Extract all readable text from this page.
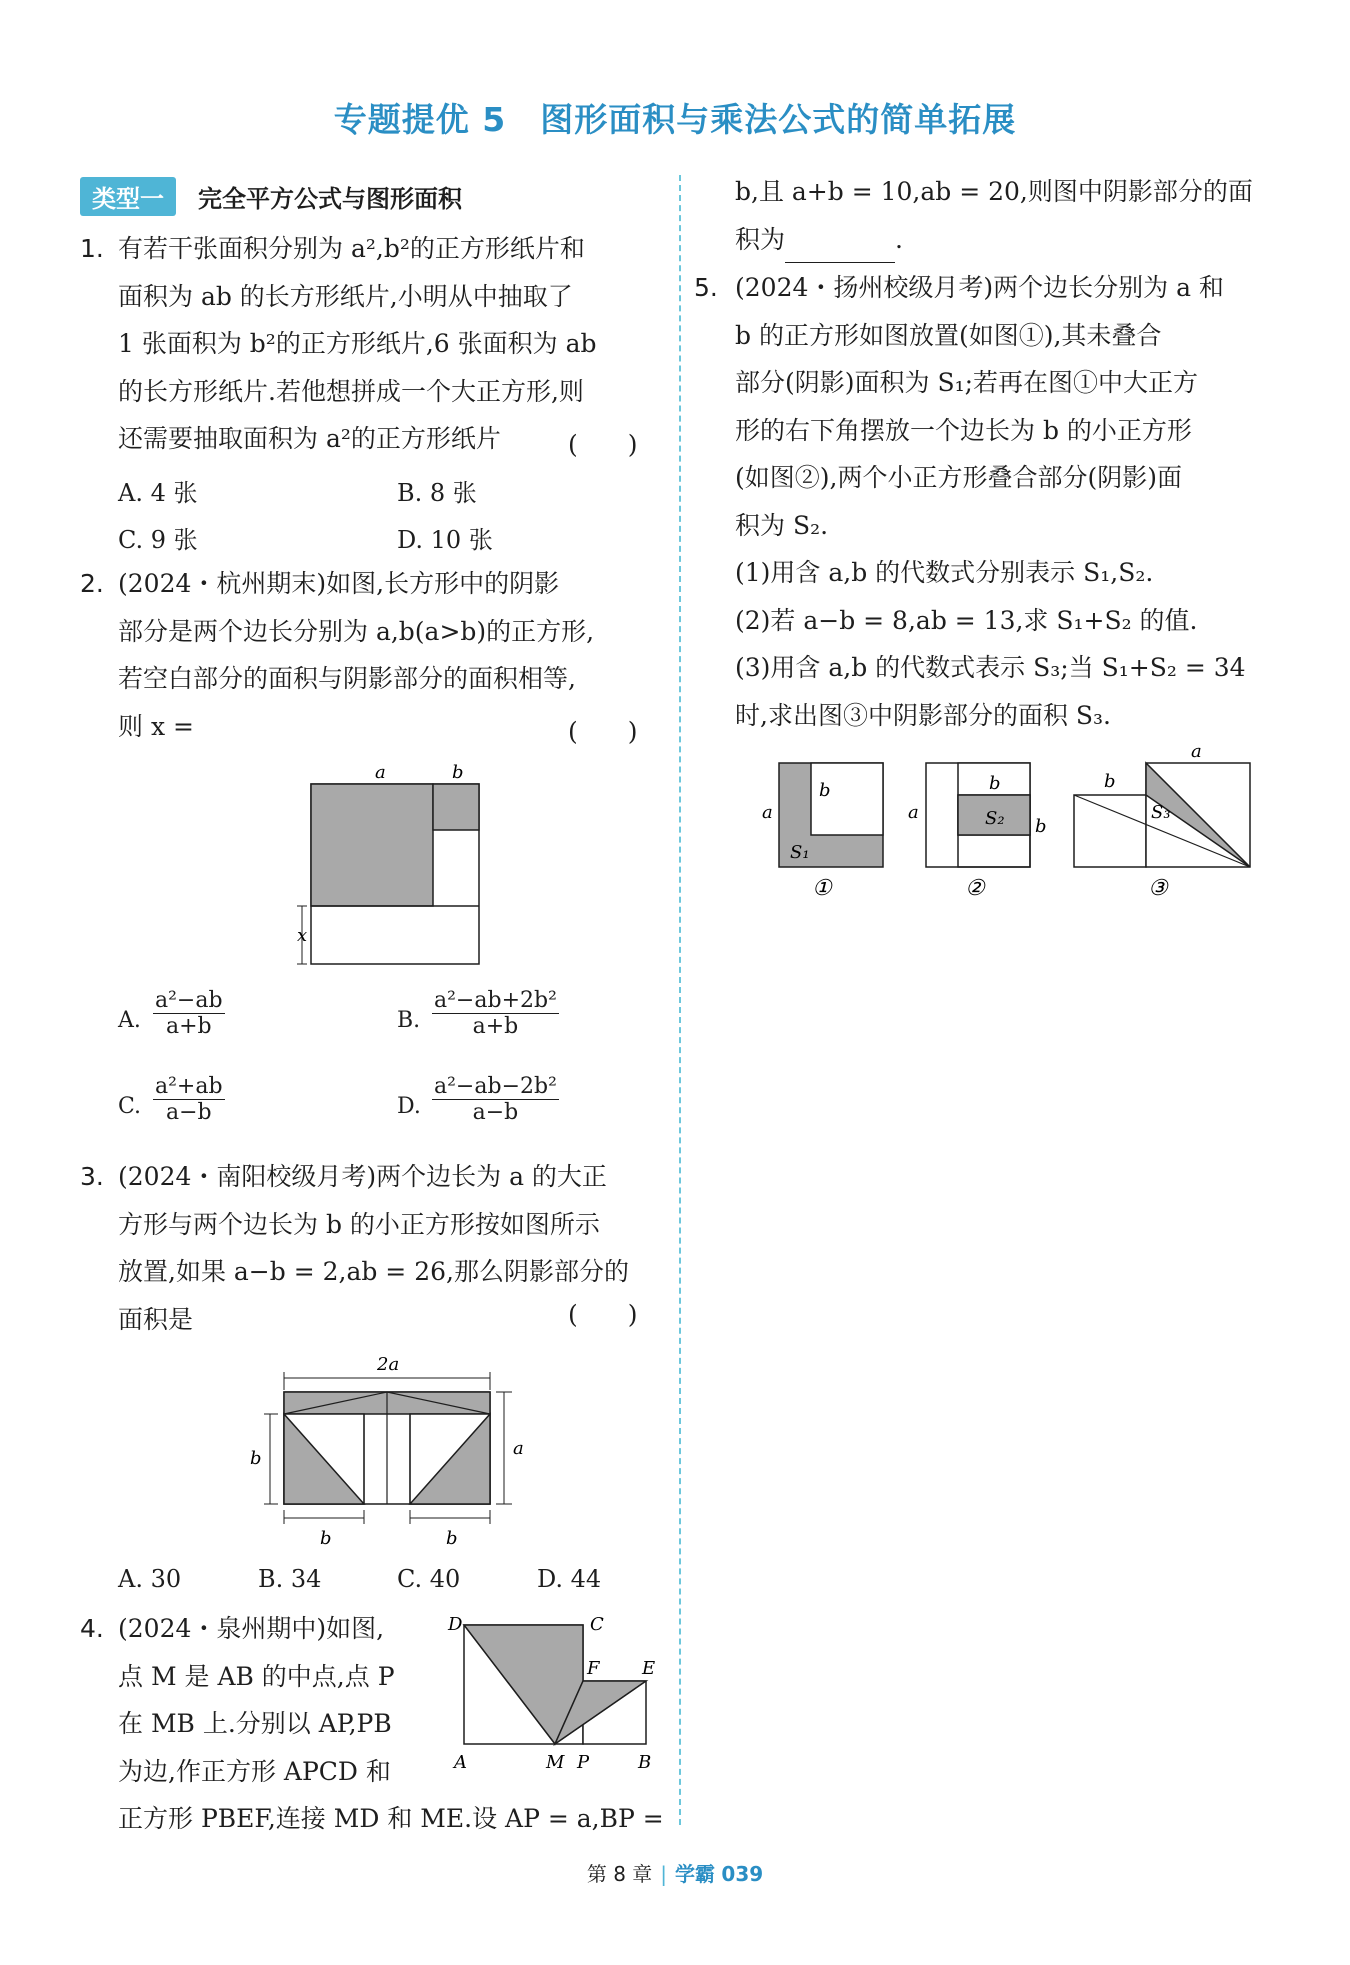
专题提优 5　图形面积与乘法公式的简单拓展
类型一	完全平方公式与图形面积
1. 有若干张面积分别为 a²,b²的正方形纸片和
面积为 ab 的长方形纸片,小明从中抽取了
1 张面积为 b²的正方形纸片,6 张面积为 ab
的长方形纸片.若他想拼成一个大正方形,则
还需要抽取面积为 a²的正方形纸片	(　　)
A. 4 张	B. 8 张
C. 9 张	D. 10 张
2. (2024・杭州期末)如图,长方形中的阴影
部分是两个边长分别为 a,b(a>b)的正方形,
若空白部分的面积与阴影部分的面积相等,
则 x =	(　　)
a	b
x
A. $\frac{\text{a²−ab}}{a+b}$	B. $\frac{\text{a²−ab+2b²}}{a+b}$
C. $\frac{\text{a²+ab}}{a-b}$	D. $\frac{\text{a²−ab−2b²}}{a-b}$
3. (2024・南阳校级月考)两个边长为 a 的大正
方形与两个边长为 b 的小正方形按如图所示
放置,如果 a−b = 2,ab = 26,那么阴影部分的
面积是	(　　)
2a
b	a
b	b
A. 30	B. 34	C. 40	D. 44
4. (2024・泉州期中)如图,
点 M 是 AB 的中点,点 P
在 MB 上.分别以 AP,PB
为边,作正方形 APCD 和
正方形 PBEF,连接 MD 和 ME.设 AP = a,BP =
D	C
F E
A	M P	B
b,且 a+b = 10,ab = 20,则图中阴影部分的面
积为	.
5. (2024・扬州校级月考)两个边长分别为 a 和
b 的正方形如图放置(如图①),其未叠合
部分(阴影)面积为 S₁;若再在图①中大正方
形的右下角摆放一个边长为 b 的小正方形
(如图②),两个小正方形叠合部分(阴影)面
积为 S₂.
(1)用含 a,b 的代数式分别表示 S₁,S₂.
(2)若 a−b = 8,ab = 13,求 S₁+S₂ 的值.
(3)用含 a,b 的代数式表示 S₃;当 S₁+S₂ = 34
时,求出图③中阴影部分的面积 S₃.
a
b
S₁
①
a
b
b
S₂
②
a
b
S₃
③
第 8 章 | 学霸 039
